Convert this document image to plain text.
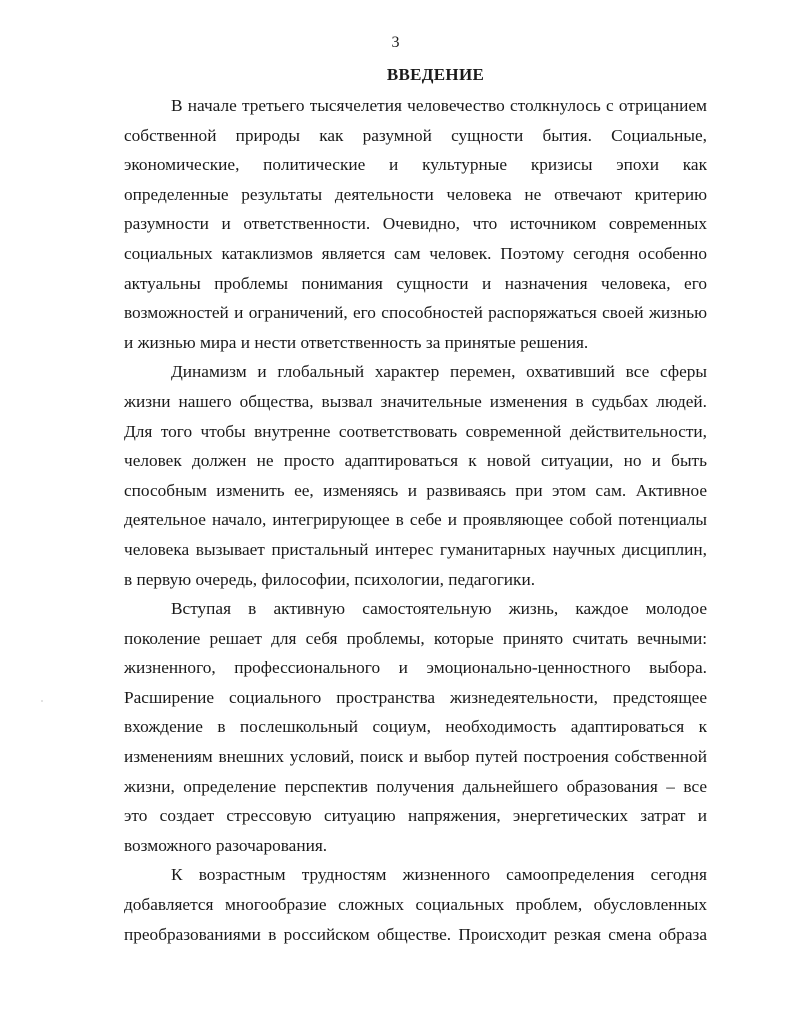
3
ВВЕДЕНИЕ
В начале третьего тысячелетия человечество столкнулось с отрицанием
собственной природы как разумной сущности бытия. Социальные,
экономические, политические и культурные кризисы эпохи как
определенные результаты деятельности человека не отвечают критерию
разумности и ответственности. Очевидно, что источником современных
социальных катаклизмов является сам человек. Поэтому сегодня особенно
актуальны проблемы понимания сущности и назначения человека, его
возможностей и ограничений, его способностей распоряжаться своей жизнью
и жизнью мира и нести ответственность за принятые решения.
Динамизм и глобальный характер перемен, охвативший все сферы
жизни нашего общества, вызвал значительные изменения в судьбах людей.
Для того чтобы внутренне соответствовать современной действительности,
человек должен не просто адаптироваться к новой ситуации, но и быть
способным изменить ее, изменяясь и развиваясь при этом сам. Активное
деятельное начало, интегрирующее в себе и проявляющее собой потенциалы
человека вызывает пристальный интерес гуманитарных научных дисциплин,
в первую очередь, философии, психологии, педагогики.
Вступая в активную самостоятельную жизнь, каждое молодое
поколение решает для себя проблемы, которые принято считать вечными:
жизненного, профессионального и эмоционально-ценностного выбора.
Расширение социального пространства жизнедеятельности, предстоящее
вхождение в послешкольный социум, необходимость адаптироваться к
изменениям внешних условий, поиск и выбор путей построения собственной
жизни, определение перспектив получения дальнейшего образования – все
это создает стрессовую ситуацию напряжения, энергетических затрат и
возможного разочарования.
К возрастным трудностям жизненного самоопределения сегодня
добавляется многообразие сложных социальных проблем, обусловленных
преобразованиями в российском обществе. Происходит резкая смена образа
